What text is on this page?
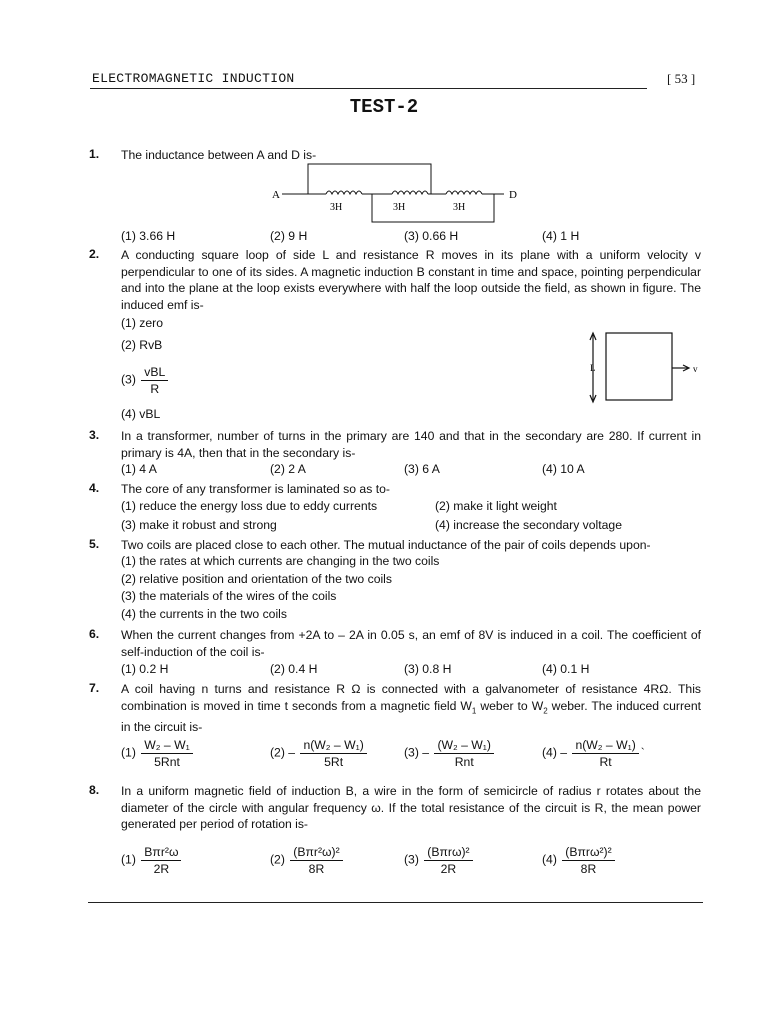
ELECTROMAGNETIC INDUCTION	[ 53 ]
TEST-2
1. The inductance between A and D is-
A	D
3H	3H	3H
(1) 3.66 H	(2) 9 H	(3) 0.66 H	(4) 1 H
2. A conducting square loop of side L and resistance R moves in its plane with a uniform velocity v perpendicular to one of its sides. A magnetic induction B constant in time and space, pointing perpendicular and into the plane at the loop exists everywhere with half the loop outside the field, as shown in figure. The induced emf is-
(1) zero
(2) RvB
$(3) \frac{\text{vBL}}{R}$
(4) vBL
L	v
3. In a transformer, number of turns in the primary are 140 and that in the secondary are 280. If current in primary is 4A, then that in the secondary is-
(1) 4 A	(2) 2 A	(3) 6 A	(4) 10 A
4. The core of any transformer is laminated so as to-
(1) reduce the energy loss due to eddy currents	(2) make it light weight
(3) make it robust and strong	(4) increase the secondary voltage
5. Two coils are placed close to each other. The mutual inductance of the pair of coils depends upon-
(1) the rates at which currents are changing in the two coils
(2) relative position and orientation of the two coils
(3) the materials of the wires of the coils
(4) the currents in the two coils
6. When the current changes from +2A to – 2A in 0.05 s, an emf of 8V is induced in a coil. The coefficient of self-induction of the coil is-
(1) 0.2 H	(2) 0.4 H	(3) 0.8 H	(4) 0.1 H
7. A coil having n turns and resistance R Ω is connected with a galvanometer of resistance 4RΩ. This combination is moved in time t seconds from a magnetic field $W_1$ weber to $W_2$ weber. The induced current in the circuit is-
$(1) \frac{\text{W₂ – W₁}}{\text{5Rnt}}$	$(2) - \frac{\text{n(W₂ – W₁)}}{5Rt}$	$(3) - \frac{\text{(W₂ – W₁)}}{\text{Rnt}}$	$(4) - \frac{\text{n(W₂ – W₁)}}{Rt}$ `
8. In a uniform magnetic field of induction B, a wire in the form of semicircle of radius r rotates about the diameter of the circle with angular frequency ω. If the total resistance of the circuit is R, the mean power generated per period of rotation is-
$(1) \frac{\text{Bπr²ω}}{2R}$	$(2) \frac{\text{(Bπr²ω)²}}{8R}$	$(3) \frac{\text{(Bπrω)²}}{2R}$	$(4) \frac{\text{(Bπrω²)²}}{8R}$
